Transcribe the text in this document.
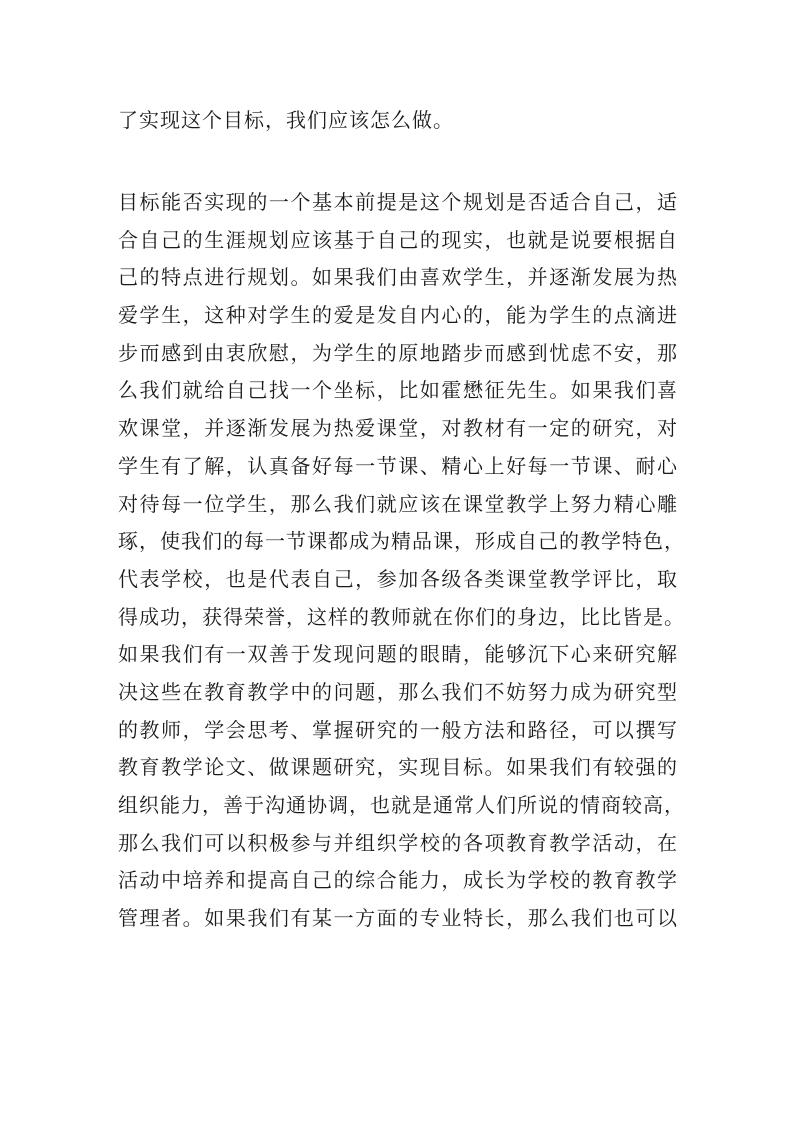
了实现这个目标，我们应该怎么做。

目标能否实现的一个基本前提是这个规划是否适合自己，适
合自己的生涯规划应该基于自己的现实，也就是说要根据自
己的特点进行规划。如果我们由喜欢学生，并逐渐发展为热
爱学生，这种对学生的爱是发自内心的，能为学生的点滴进
步而感到由衷欣慰，为学生的原地踏步而感到忧虑不安，那
么我们就给自己找一个坐标，比如霍懋征先生。如果我们喜
欢课堂，并逐渐发展为热爱课堂，对教材有一定的研究，对
学生有了解，认真备好每一节课、精心上好每一节课、耐心
对待每一位学生，那么我们就应该在课堂教学上努力精心雕
琢，使我们的每一节课都成为精品课，形成自己的教学特色，
代表学校，也是代表自己，参加各级各类课堂教学评比，取
得成功，获得荣誉，这样的教师就在你们的身边，比比皆是。
如果我们有一双善于发现问题的眼睛，能够沉下心来研究解
决这些在教育教学中的问题，那么我们不妨努力成为研究型
的教师，学会思考、掌握研究的一般方法和路径，可以撰写
教育教学论文、做课题研究，实现目标。如果我们有较强的
组织能力，善于沟通协调，也就是通常人们所说的情商较高，
那么我们可以积极参与并组织学校的各项教育教学活动，在
活动中培养和提高自己的综合能力，成长为学校的教育教学
管理者。如果我们有某一方面的专业特长，那么我们也可以
